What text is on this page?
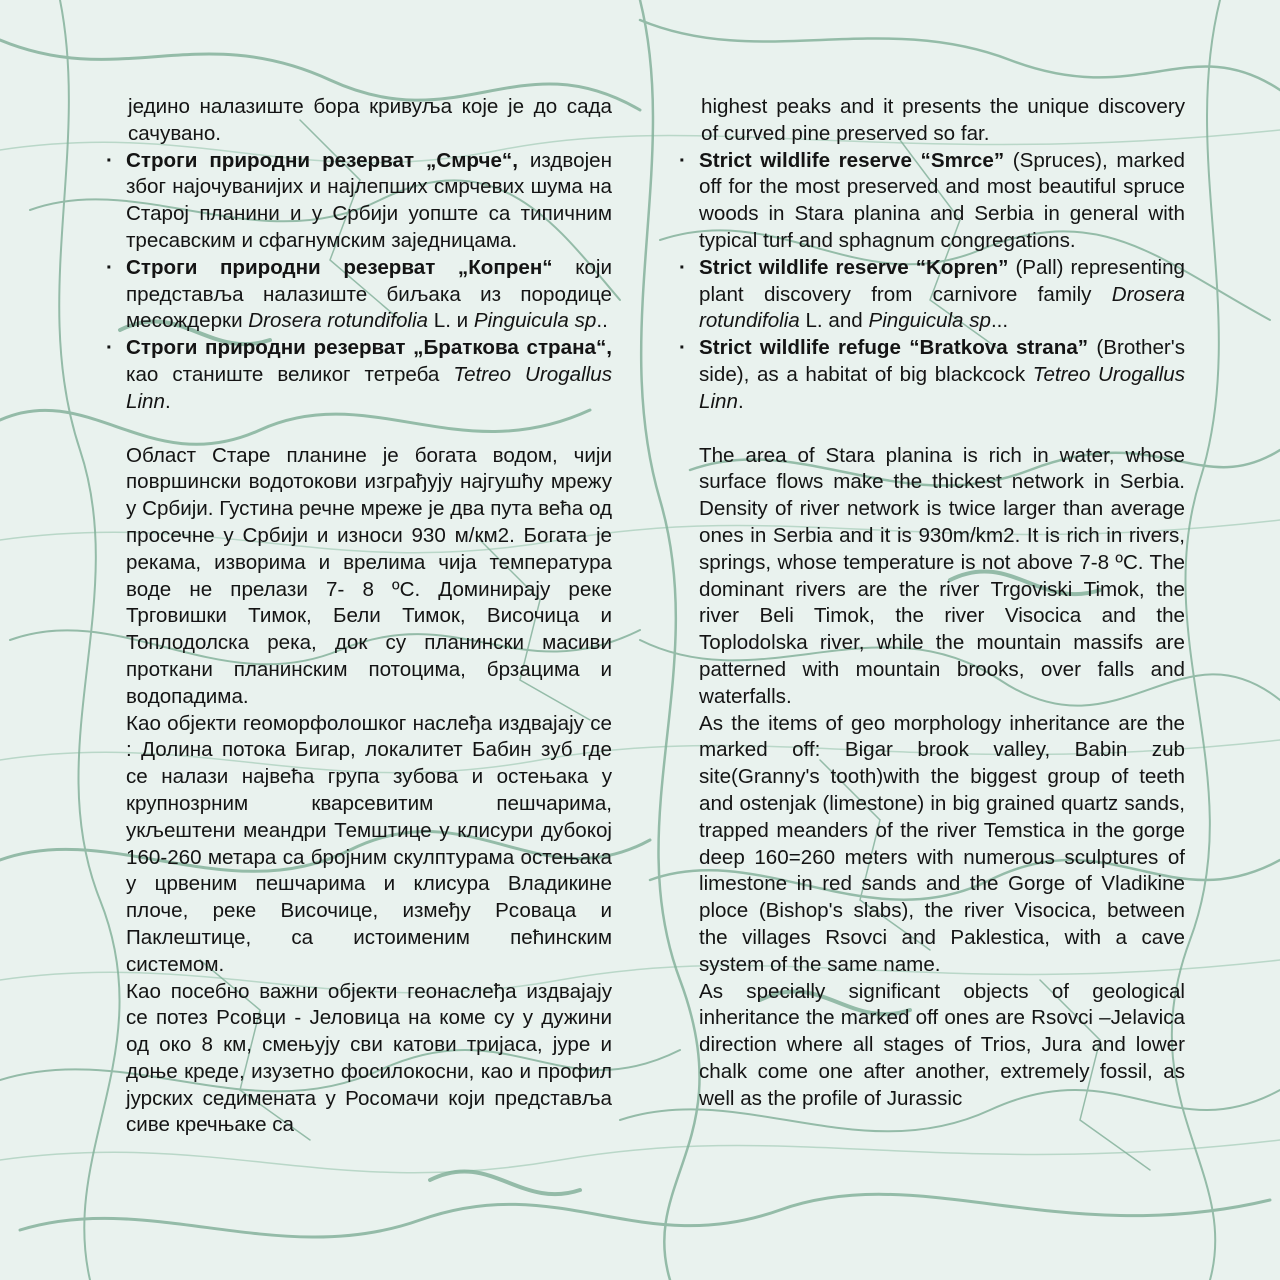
једино налазиште бора кривуља које је до сада сачувано.

· Строги природни резерват „Смрче“, издвојен због најочуванијих и најлепших смрчевих шума на Старој планини и у Србији уопште са типичним тресавским и сфагнумским заједницама.
· Строги природни резерват „Копрен“ који представља налазиште биљака из породице месождерки Drosera rotundifolia L. и Pinguicula sp..
· Строги природни резерват „Браткова страна“, као станиште великог тетреба Tetreo Urogallus Linn.

Област Старе планине је богата водом, чији површински водотокови изграђују најгушћу мрежу у Србији. Густина речне мреже је два пута већа од просечне у Србији и износи 930 м/км2. Богата је рекама, изворима и врелима чија температура воде не прелази 7- 8 ºC. Доминирају реке Трговишки Тимок, Бели Тимок, Височица и Топлодолска река, док су планински масиви проткани планинским потоцима, брзацима и водопадима.

Као објекти геоморфолошког наслеђа издвајају се : Долина потока Бигар, локалитет Бабин зуб где се налази највећа група зубова и остењака у крупнозрним кварсевитим пешчарима, укљештени меандри Темштице у клисури дубокој 160-260 метара са бројним скулптурама остењака у црвеним пешчарима и клисура Владикине плоче, реке Височице, између Рсоваца и Паклештице, са истоименим пећинским системом.

Као посебно важни објекти геонаслеђа издвајају се потез Рсовци - Јеловица на коме су у дужини од око 8 км, смењују сви катови тријаса, јуре и доње креде, изузетно фосилокосни, као и профил јурских седимената у Росомачи који представља сиве кречњаке са

highest peaks and it presents the unique discovery of curved pine preserved so far.

· Strict wildlife reserve “Smrce” (Spruces), marked off for the most preserved and most beautiful spruce woods in Stara planina and Serbia in general with typical turf and sphagnum congregations.
· Strict wildlife reserve “Kopren” (Pall) representing plant discovery from carnivore family Drosera rotundifolia L. and Pinguicula sp...
· Strict wildlife refuge “Bratkova strana” (Brother's side), as a habitat of big blackcock Tetreo Urogallus Linn.

The area of Stara planina is rich in water, whose surface flows make the thickest network in Serbia. Density of river network is twice larger than average ones in Serbia and it is 930m/km2. It is rich in rivers, springs, whose temperature is not above 7-8 ºC. The dominant rivers are the river Trgoviski Timok, the river Beli Timok, the river Visocica and the Toplodolska river, while the mountain massifs are patterned with mountain brooks, over falls and waterfalls.

As the items of geo morphology inheritance are the marked off: Bigar brook valley, Babin zub site(Granny's tooth)with the biggest group of teeth and ostenjak (limestone) in big grained quartz sands, trapped meanders of the river Temstica in the gorge deep 160=260 meters with numerous sculptures of limestone in red sands and the Gorge of Vladikine ploce (Bishop's slabs), the river Visocica, between the villages Rsovci and Paklestica, with a cave system of the same name.

As specially significant objects of geological inheritance the marked off ones are Rsovci –Jelavica direction where all stages of Trios, Jura and lower chalk come one after another, extremely fossil, as well as the profile of Jurassic
